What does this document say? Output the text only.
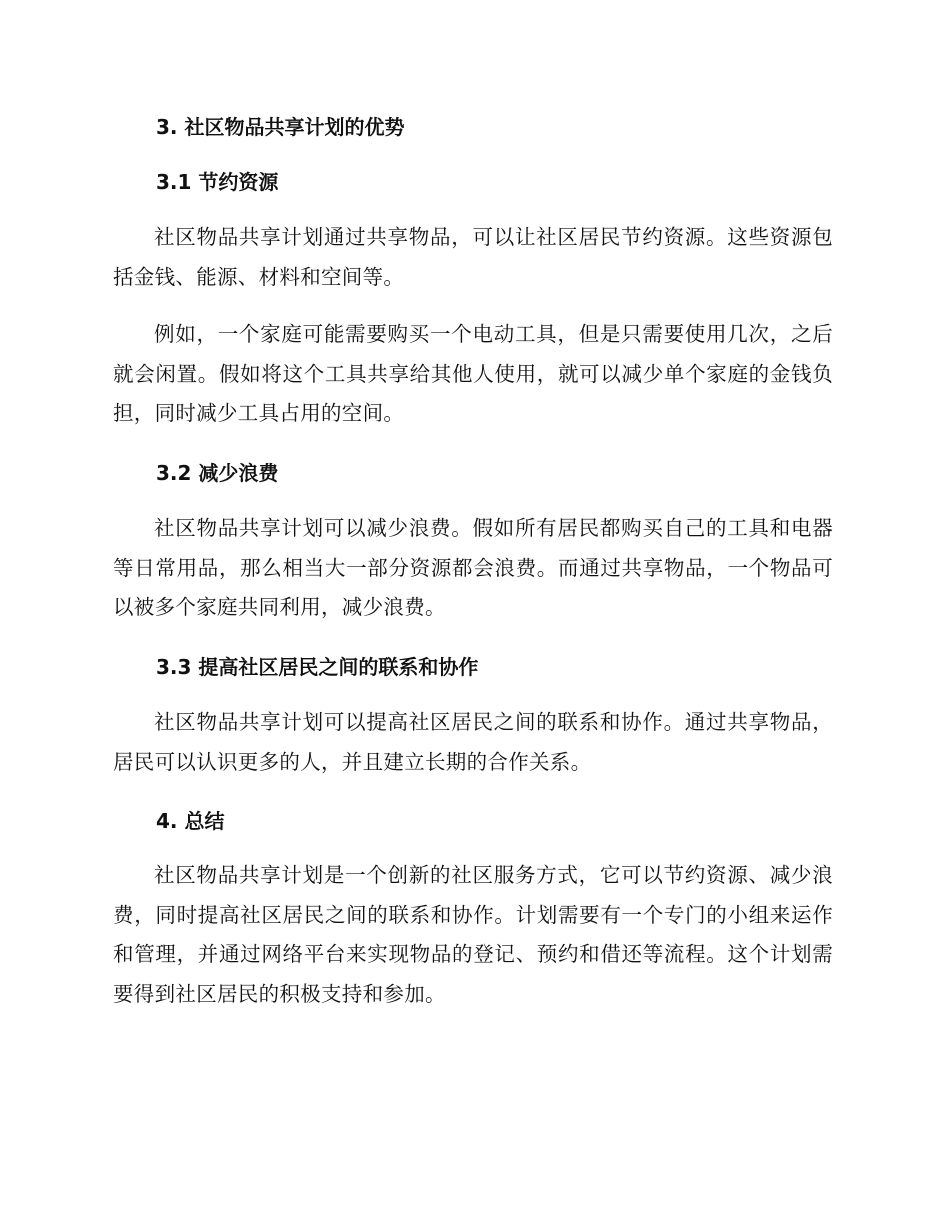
3. 社区物品共享计划的优势
3.1 节约资源

社区物品共享计划通过共享物品，可以让社区居民节约资源。这些资源包括金钱、能源、材料和空间等。

例如，一个家庭可能需要购买一个电动工具，但是只需要使用几次，之后就会闲置。假如将这个工具共享给其他人使用，就可以减少单个家庭的金钱负担，同时减少工具占用的空间。

3.2 减少浪费

社区物品共享计划可以减少浪费。假如所有居民都购买自己的工具和电器等日常用品，那么相当大一部分资源都会浪费。而通过共享物品，一个物品可以被多个家庭共同利用，减少浪费。

3.3 提高社区居民之间的联系和协作

社区物品共享计划可以提高社区居民之间的联系和协作。通过共享物品，居民可以认识更多的人，并且建立长期的合作关系。

4. 总结

社区物品共享计划是一个创新的社区服务方式，它可以节约资源、减少浪费，同时提高社区居民之间的联系和协作。计划需要有一个专门的小组来运作和管理，并通过网络平台来实现物品的登记、预约和借还等流程。这个计划需要得到社区居民的积极支持和参加。
